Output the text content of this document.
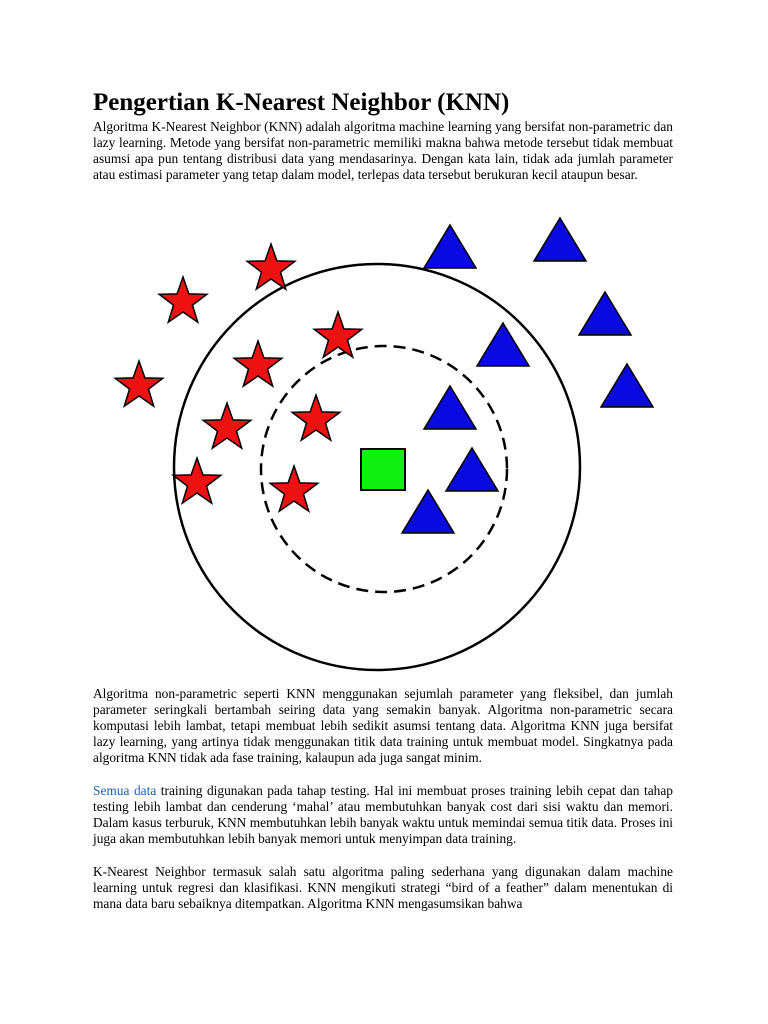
Pengertian K-Nearest Neighbor (KNN)

Algoritma K-Nearest Neighbor (KNN) adalah algoritma machine learning yang bersifat non-parametric dan lazy learning. Metode yang bersifat non-parametric memiliki makna bahwa metode tersebut tidak membuat asumsi apa pun tentang distribusi data yang mendasarinya. Dengan kata lain, tidak ada jumlah parameter atau estimasi parameter yang tetap dalam model, terlepas data tersebut berukuran kecil ataupun besar.

Algoritma non-parametric seperti KNN menggunakan sejumlah parameter yang fleksibel, dan jumlah parameter seringkali bertambah seiring data yang semakin banyak. Algoritma non-parametric secara komputasi lebih lambat, tetapi membuat lebih sedikit asumsi tentang data. Algoritma KNN juga bersifat lazy learning, yang artinya tidak menggunakan titik data training untuk membuat model. Singkatnya pada algoritma KNN tidak ada fase training, kalaupun ada juga sangat minim.

Semua data training digunakan pada tahap testing. Hal ini membuat proses training lebih cepat dan tahap testing lebih lambat dan cenderung ‘mahal’ atau membutuhkan banyak cost dari sisi waktu dan memori. Dalam kasus terburuk, KNN membutuhkan lebih banyak waktu untuk memindai semua titik data. Proses ini juga akan membutuhkan lebih banyak memori untuk menyimpan data training.

K-Nearest Neighbor termasuk salah satu algoritma paling sederhana yang digunakan dalam machine learning untuk regresi dan klasifikasi. KNN mengikuti strategi “bird of a feather” dalam menentukan di mana data baru sebaiknya ditempatkan. Algoritma KNN mengasumsikan bahwa
